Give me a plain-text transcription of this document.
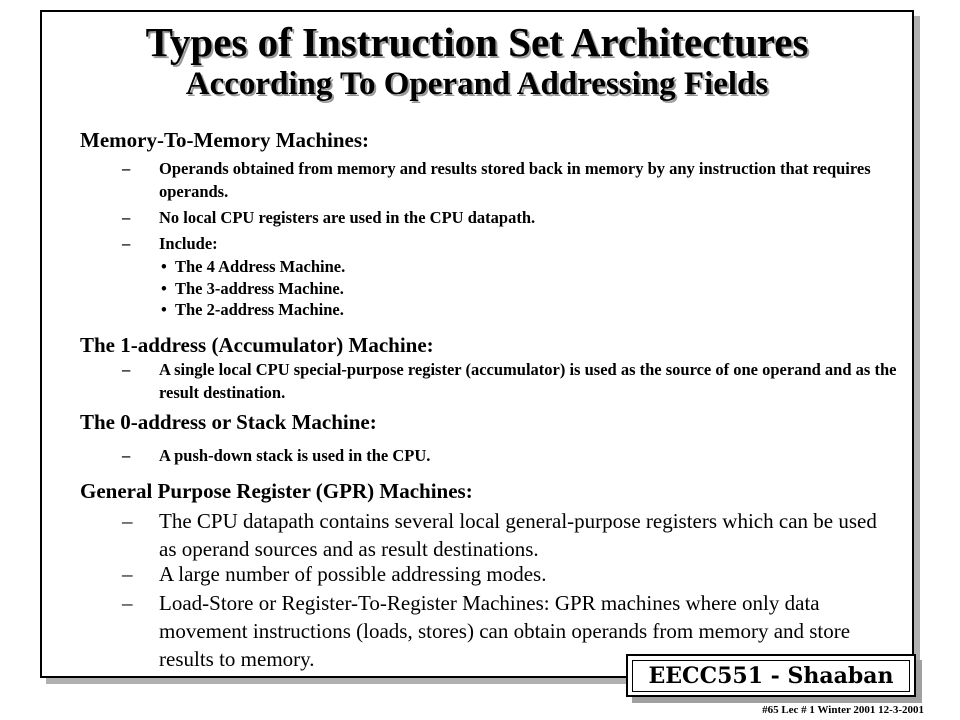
Types of Instruction Set Architectures
According To Operand Addressing Fields
Memory-To-Memory Machines:
– Operands obtained from memory and results stored back in memory by any instruction that requires operands.
– No local CPU registers are used in the CPU datapath.
– Include:
• The 4 Address Machine.
• The 3-address Machine.
• The 2-address Machine.
The 1-address (Accumulator) Machine:
– A single local CPU special-purpose register (accumulator) is used as the source of one operand and as the result destination.
The 0-address or Stack Machine:
– A push-down stack is used in the CPU.
General Purpose Register (GPR) Machines:
– The CPU datapath contains several local general-purpose registers which can be used as operand sources and as result destinations.
– A large number of possible addressing modes.
– Load-Store or Register-To-Register Machines: GPR machines where only data movement instructions (loads, stores) can obtain operands from memory and store results to memory.
EECC551 - Shaaban
#65 Lec # 1 Winter 2001 12-3-2001
